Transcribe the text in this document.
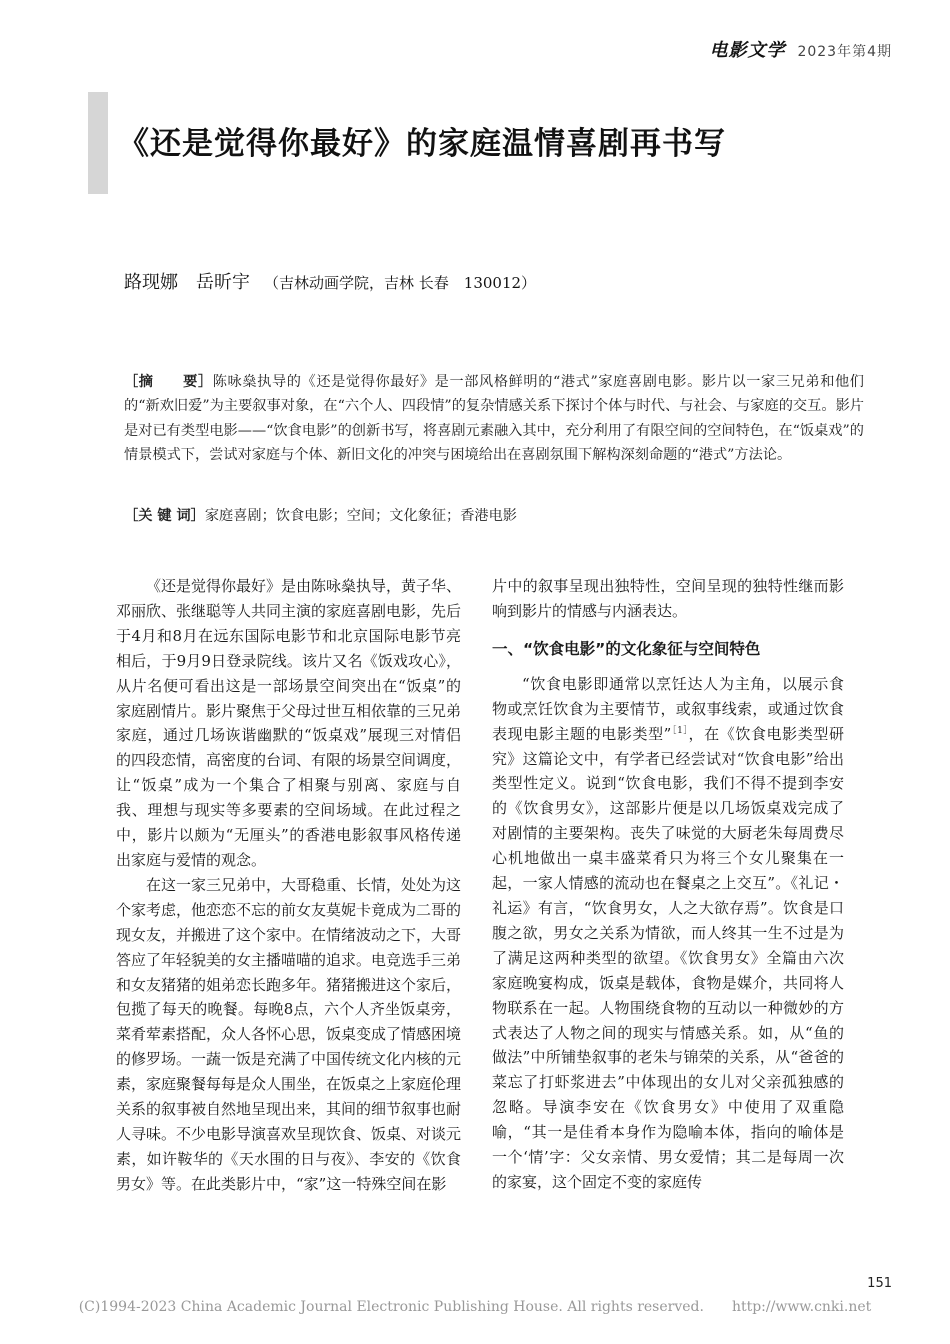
电影文学 2023年第4期
《还是觉得你最好》的家庭温情喜剧再书写
路现娜　岳昕宇 （吉林动画学院，吉林 长春　130012）
［摘　　要］陈咏燊执导的《还是觉得你最好》是一部风格鲜明的“港式”家庭喜剧电影。影片以一家三兄弟和他们的“新欢旧爱”为主要叙事对象，在“六个人、四段情”的复杂情感关系下探讨个体与时代、与社会、与家庭的交互。影片是对已有类型电影——“饮食电影”的创新书写，将喜剧元素融入其中，充分利用了有限空间的空间特色，在“饭桌戏”的情景模式下，尝试对家庭与个体、新旧文化的冲突与困境给出在喜剧氛围下解构深刻命题的“港式”方法论。
［关 键 词］家庭喜剧；饮食电影；空间；文化象征；香港电影

《还是觉得你最好》是由陈咏燊执导，黄子华、邓丽欣、张继聪等人共同主演的家庭喜剧电影，先后于4月和8月在远东国际电影节和北京国际电影节亮相后，于9月9日登录院线。该片又名《饭戏攻心》，从片名便可看出这是一部场景空间突出在“饭桌”的家庭剧情片。影片聚焦于父母过世互相依靠的三兄弟家庭，通过几场诙谐幽默的“饭桌戏”展现三对情侣的四段恋情，高密度的台词、有限的场景空间调度，让“饭桌”成为一个集合了相聚与别离、家庭与自我、理想与现实等多要素的空间场域。在此过程之中，影片以颇为“无厘头”的香港电影叙事风格传递出家庭与爱情的观念。

在这一家三兄弟中，大哥稳重、长情，处处为这个家考虑，他恋恋不忘的前女友莫妮卡竟成为二哥的现女友，并搬进了这个家中。在情绪波动之下，大哥答应了年轻貌美的女主播喵喵的追求。电竞选手三弟和女友猪猪的姐弟恋长跑多年。猪猪搬进这个家后，包揽了每天的晚餐。每晚8点，六个人齐坐饭桌旁，菜肴荤素搭配，众人各怀心思，饭桌变成了情感困境的修罗场。一蔬一饭是充满了中国传统文化内核的元素，家庭聚餐每每是众人围坐，在饭桌之上家庭伦理关系的叙事被自然地呈现出来，其间的细节叙事也耐人寻味。不少电影导演喜欢呈现饮食、饭桌、对谈元素，如许鞍华的《天水围的日与夜》、李安的《饮食男女》等。在此类影片中，“家”这一特殊空间在影

片中的叙事呈现出独特性，空间呈现的独特性继而影响到影片的情感与内涵表达。

一、“饮食电影”的文化象征与空间特色

“饮食电影即通常以烹饪达人为主角，以展示食物或烹饪饮食为主要情节，或叙事线索，或通过饮食表现电影主题的电影类型”$^{[1]}$，在《饮食电影类型研究》这篇论文中，有学者已经尝试对“饮食电影”给出类型性定义。说到“饮食电影，我们不得不提到李安的《饮食男女》，这部影片便是以几场饭桌戏完成了对剧情的主要架构。丧失了味觉的大厨老朱每周费尽心机地做出一桌丰盛菜肴只为将三个女儿聚集在一起，一家人情感的流动也在餐桌之上交互”。《礼记・礼运》有言，“饮食男女，人之大欲存焉”。饮食是口腹之欲，男女之关系为情欲，而人终其一生不过是为了满足这两种类型的欲望。《饮食男女》全篇由六次家庭晚宴构成，饭桌是载体，食物是媒介，共同将人物联系在一起。人物围绕食物的互动以一种微妙的方式表达了人物之间的现实与情感关系。如，从“鱼的做法”中所铺垫叙事的老朱与锦荣的关系，从“爸爸的菜忘了打虾浆进去”中体现出的女儿对父亲孤独感的忽略。导演李安在《饮食男女》中使用了双重隐喻，“其一是佳肴本身作为隐喻本体，指向的喻体是一个‘情’字：父女亲情、男女爱情；其二是每周一次的家宴，这个固定不变的家庭传

151
(C)1994-2023 China Academic Journal Electronic Publishing House. All rights reserved.　　http://www.cnki.net
